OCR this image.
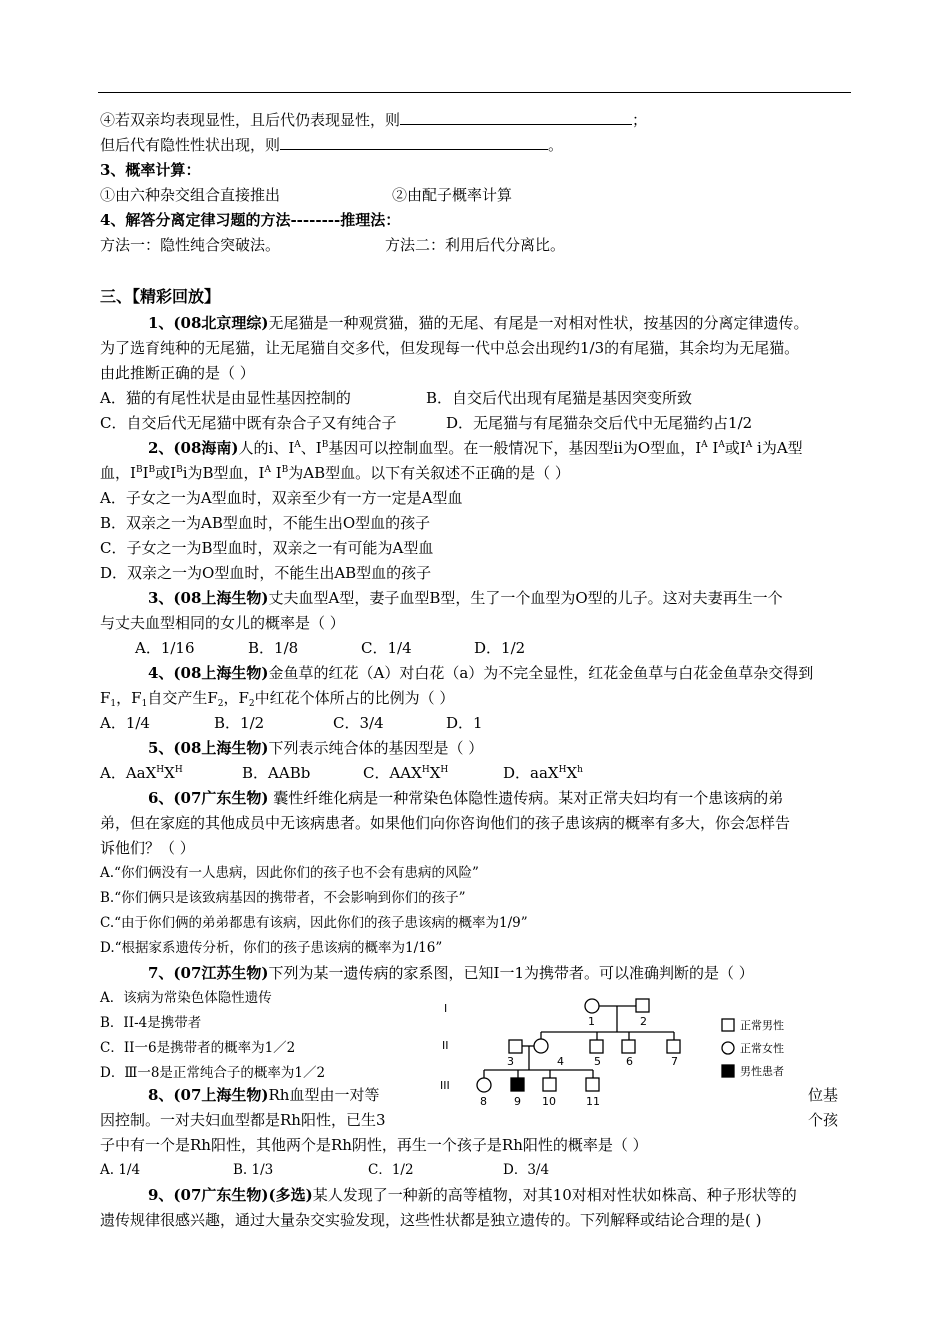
④若双亲均表现显性，且后代仍表现显性，则	；
但后代有隐性性状出现，则	。
3、概率计算：
①由六种杂交组合直接推出	②由配子概率计算
4、解答分离定律习题的方法--------推理法：
方法一：隐性纯合突破法。	方法二：利用后代分离比。
三、【精彩回放】
1、(08北京理综)无尾猫是一种观赏猫，猫的无尾、有尾是一对相对性状，按基因的分离定律遗传。
为了选育纯种的无尾猫，让无尾猫自交多代，但发现每一代中总会出现约1/3的有尾猫，其余均为无尾猫。
由此推断正确的是（ ）
A．猫的有尾性状是由显性基因控制的	B．自交后代出现有尾猫是基因突变所致
C．自交后代无尾猫中既有杂合子又有纯合子	D．无尾猫与有尾猫杂交后代中无尾猫约占1/2
2、(08海南)人的i、$I^A$、$I^B$基因可以控制血型。在一般情况下，基因型ii为O型血，$I^A$ $I^A$或$I^A$ i为A型
血，$I^BI^B$或$I^Bi$为B型血，$I^A$ $I^B$为AB型血。以下有关叙述不正确的是（ ）
A．子女之一为A型血时，双亲至少有一方一定是A型血
B．双亲之一为AB型血时，不能生出O型血的孩子
C．子女之一为B型血时，双亲之一有可能为A型血
D．双亲之一为O型血时，不能生出AB型血的孩子
3、(08上海生物)丈夫血型A型，妻子血型B型，生了一个血型为O型的儿子。这对夫妻再生一个
与丈夫血型相同的女儿的概率是（ ）
A．1/16	B．1/8	C．1/4	D．1/2
4、(08上海生物)金鱼草的红花（A）对白花（a）为不完全显性，红花金鱼草与白花金鱼草杂交得到
$F_1$，$F_1$自交产生$F_2$，$F_2$中红花个体所占的比例为（ ）
A．1/4	B．1/2	C．3/4	D．1
5、(08上海生物)下列表示纯合体的基因型是（ ）
A．$AaX^HX^H$	B．AABb	C．$AAX^HX^H$	D．$aaX^HX^h$
6、(07广东生物) 囊性纤维化病是一种常染色体隐性遗传病。某对正常夫妇均有一个患该病的弟
弟，但在家庭的其他成员中无该病患者。如果他们向你咨询他们的孩子患该病的概率有多大，你会怎样告
诉他们？（ ）
A.“你们俩没有一人患病，因此你们的孩子也不会有患病的风险”
B.“你们俩只是该致病基因的携带者，不会影响到你们的孩子”
C.“由于你们俩的弟弟都患有该病，因此你们的孩子患该病的概率为1/9”
D.“根据家系遗传分析，你们的孩子患该病的概率为1/16”
7、(07江苏生物)下列为某一遗传病的家系图，已知I一1为携带者。可以准确判断的是（ ）
A．该病为常染色体隐性遗传
B．II-4是携带者
C．II一6是携带者的概率为1／2
D．Ⅲ一8是正常纯合子的概率为1／2
I
II
III
1	2
3	4	5 6	7
8 9 10	11
正常男性
正常女性
男性患者
8、(07上海生物)Rh血型由一对等	位基
因控制。一对夫妇血型都是Rh阳性，已生3	个孩
子中有一个是Rh阳性，其他两个是Rh阴性，再生一个孩子是Rh阳性的概率是（ ）
A. 1/4	B. 1/3	C．1/2	D．3/4
9、(07广东生物)(多选)某人发现了一种新的高等植物，对其10对相对性状如株高、种子形状等的
遗传规律很感兴趣，通过大量杂交实验发现，这些性状都是独立遗传的。下列解释或结论合理的是( )
